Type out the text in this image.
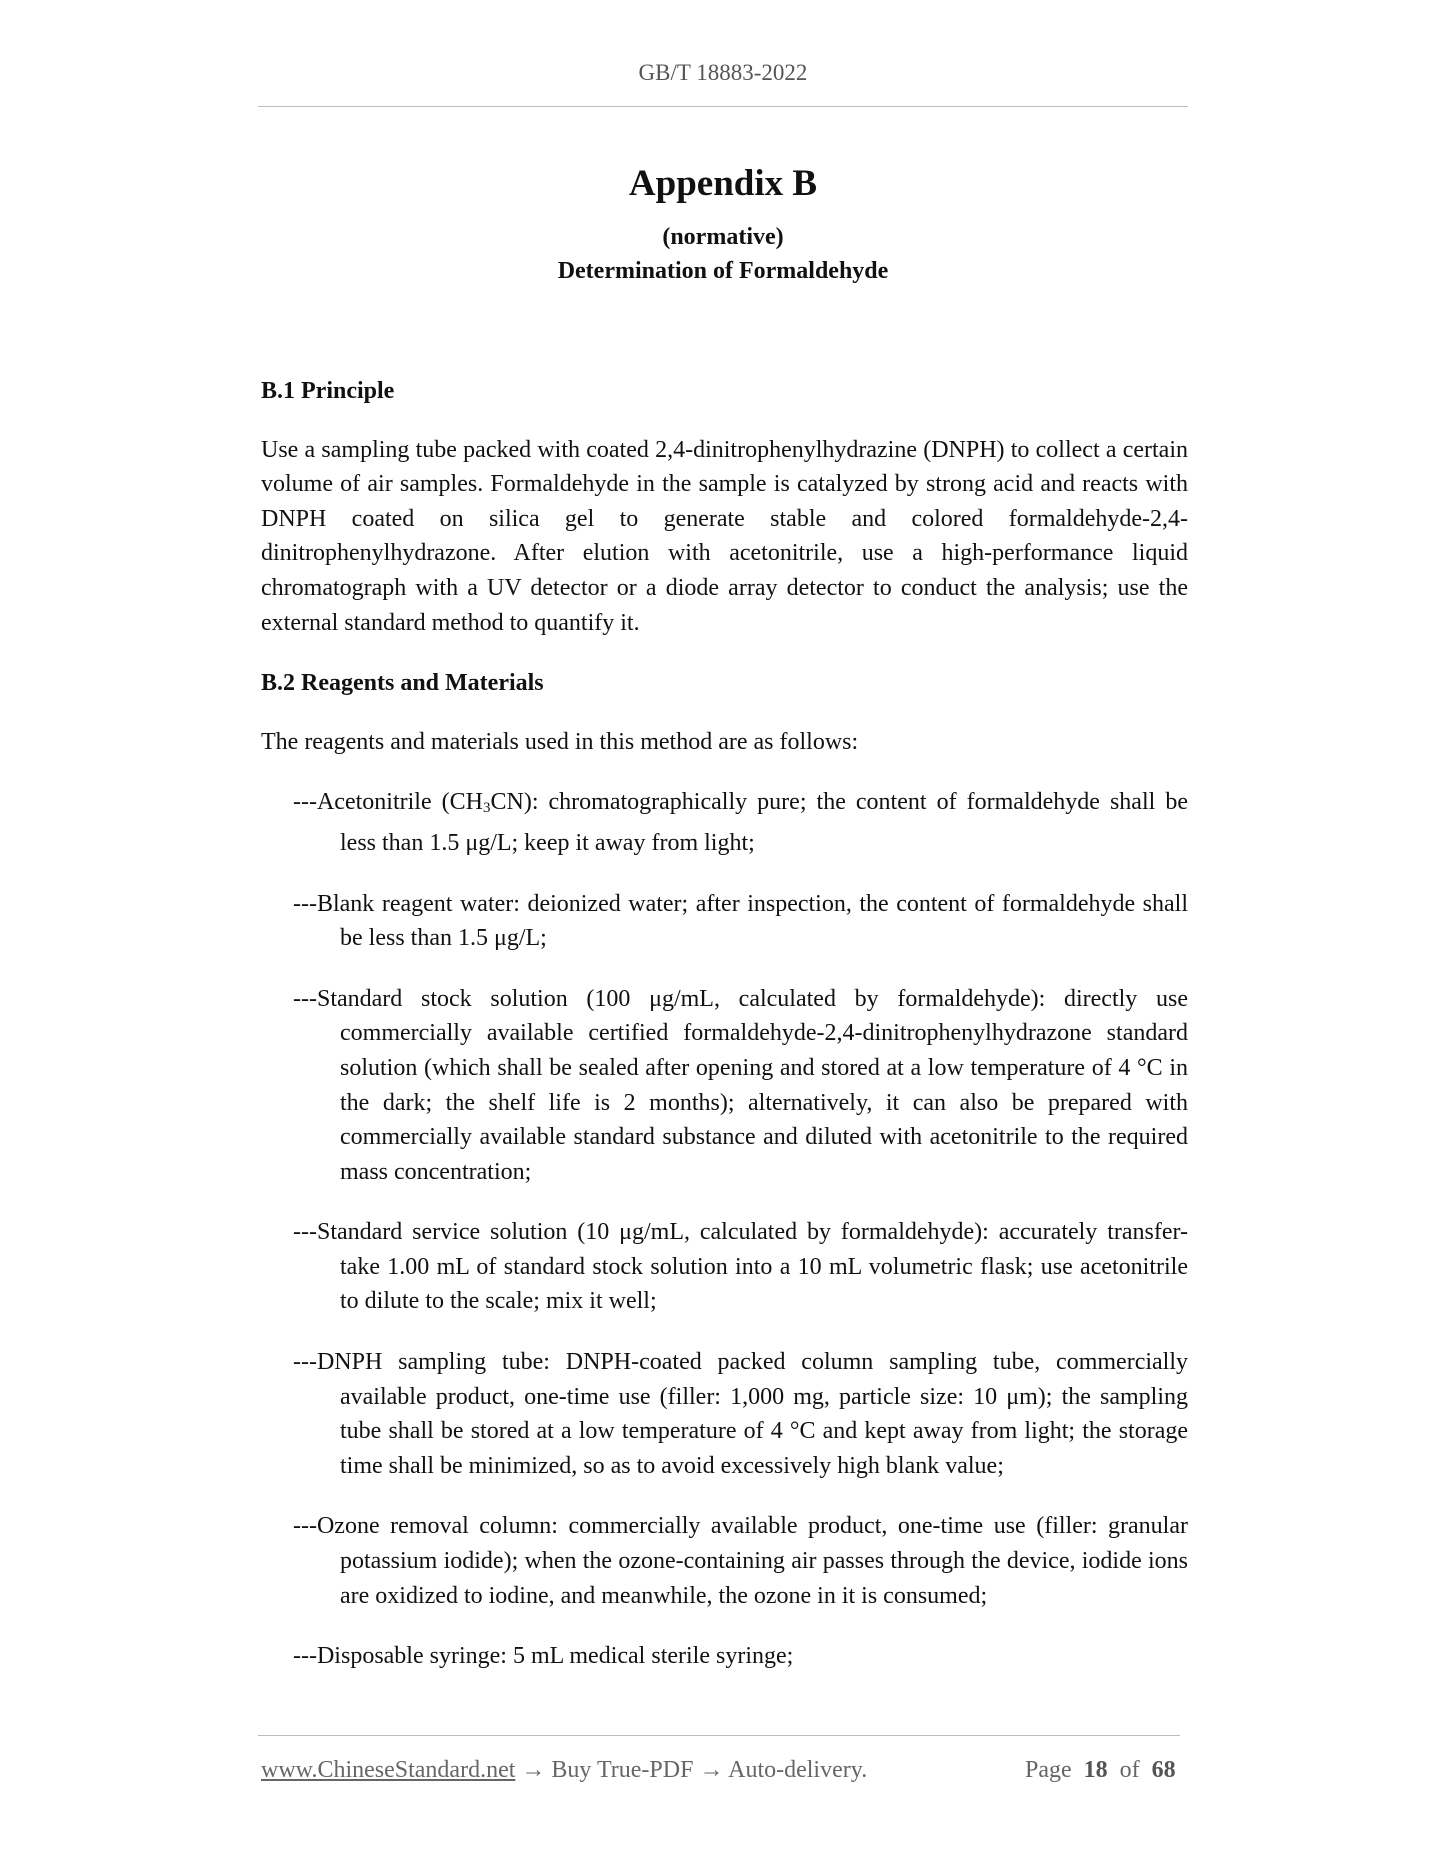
GB/T 18883-2022
Appendix B
(normative)
Determination of Formaldehyde
B.1 Principle
Use a sampling tube packed with coated 2,4-dinitrophenylhydrazine (DNPH) to collect a certain volume of air samples. Formaldehyde in the sample is catalyzed by strong acid and reacts with DNPH coated on silica gel to generate stable and colored formaldehyde-2,4-dinitrophenylhydrazone. After elution with acetonitrile, use a high-performance liquid chromatograph with a UV detector or a diode array detector to conduct the analysis; use the external standard method to quantify it.
B.2 Reagents and Materials
The reagents and materials used in this method are as follows:
---Acetonitrile $(CH_3CN)$: chromatographically pure; the content of formaldehyde shall be less than 1.5 μg/L; keep it away from light;
---Blank reagent water: deionized water; after inspection, the content of formaldehyde shall be less than 1.5 μg/L;
---Standard stock solution (100 μg/mL, calculated by formaldehyde): directly use commercially available certified formaldehyde-2,4-dinitrophenylhydrazone standard solution (which shall be sealed after opening and stored at a low temperature of 4 °C in the dark; the shelf life is 2 months); alternatively, it can also be prepared with commercially available standard substance and diluted with acetonitrile to the required mass concentration;
---Standard service solution (10 μg/mL, calculated by formaldehyde): accurately transfer-take 1.00 mL of standard stock solution into a 10 mL volumetric flask; use acetonitrile to dilute to the scale; mix it well;
---DNPH sampling tube: DNPH-coated packed column sampling tube, commercially available product, one-time use (filler: 1,000 mg, particle size: 10 μm); the sampling tube shall be stored at a low temperature of 4 °C and kept away from light; the storage time shall be minimized, so as to avoid excessively high blank value;
---Ozone removal column: commercially available product, one-time use (filler: granular potassium iodide); when the ozone-containing air passes through the device, iodide ions are oxidized to iodine, and meanwhile, the ozone in it is consumed;
---Disposable syringe: 5 mL medical sterile syringe;
www.ChineseStandard.net → Buy True-PDF → Auto-delivery.	Page 18 of 68
